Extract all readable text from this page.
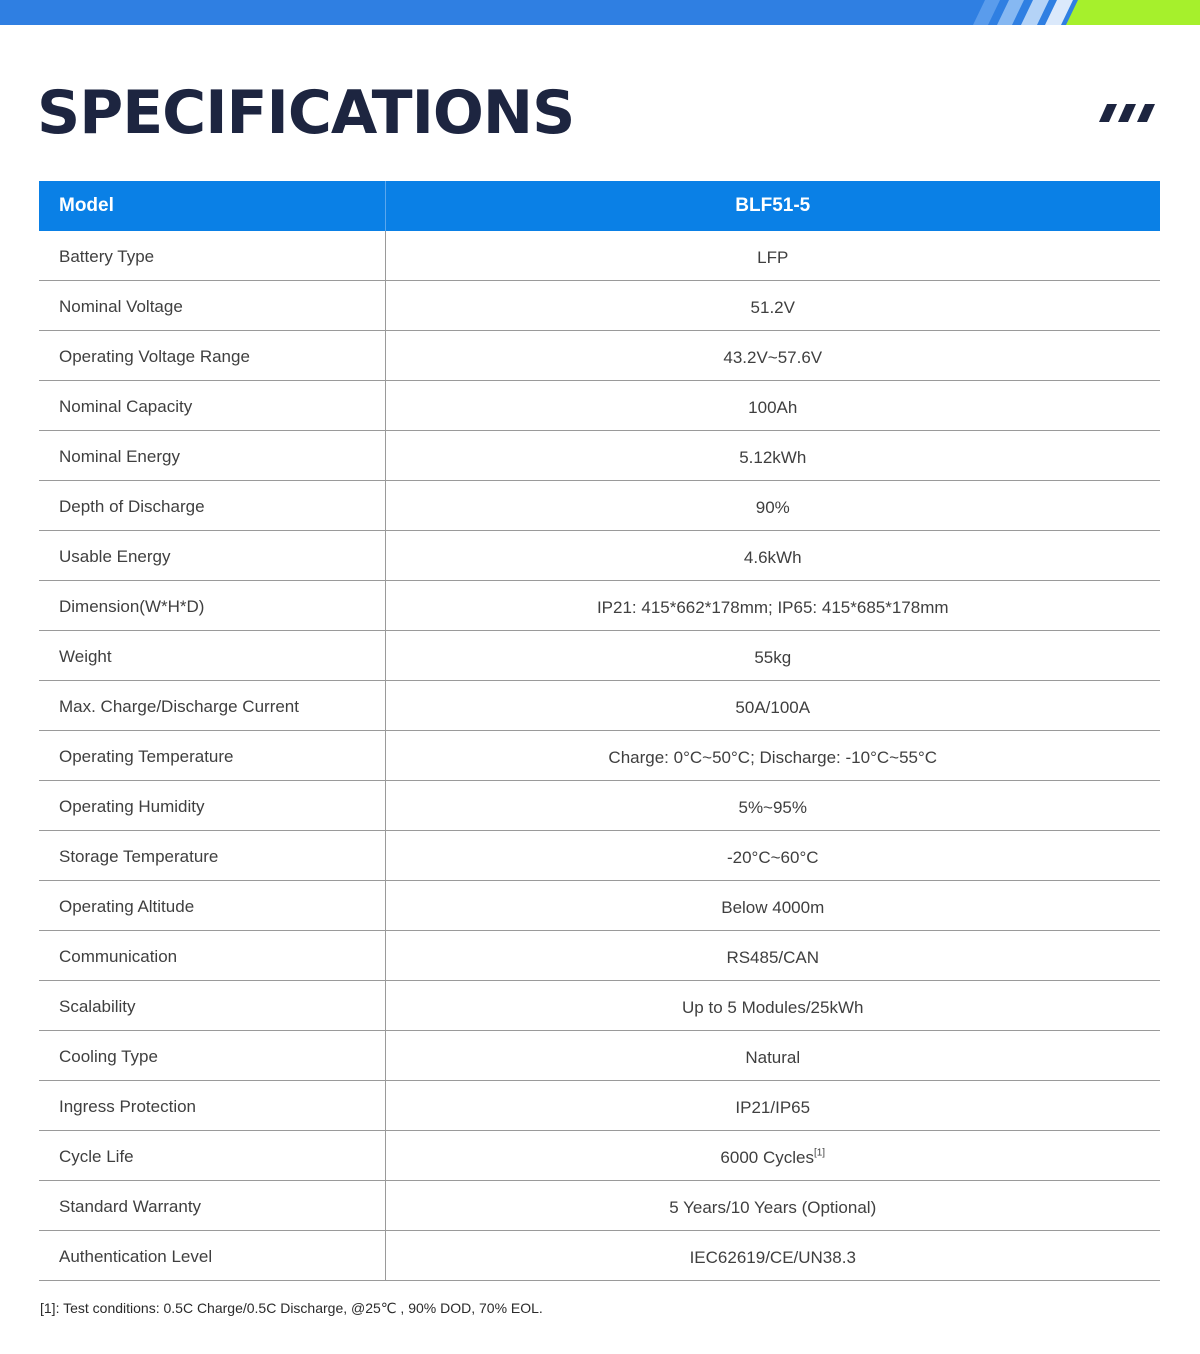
SPECIFICATIONS
Model	BLF51-5
Battery Type	LFP
Nominal Voltage	51.2V
Operating Voltage Range	43.2V~57.6V
Nominal Capacity	100Ah
Nominal Energy	5.12kWh
Depth of Discharge	90%
Usable Energy	4.6kWh
Dimension(W*H*D)	IP21: 415*662*178mm; IP65: 415*685*178mm
Weight	55kg
Max. Charge/Discharge Current	50A/100A
Operating Temperature	Charge: 0°C~50°C; Discharge: -10°C~55°C
Operating Humidity	5%~95%
Storage Temperature	-20°C~60°C
Operating Altitude	Below 4000m
Communication	RS485/CAN
Scalability	Up to 5 Modules/25kWh
Cooling Type	Natural
Ingress Protection	IP21/IP65
Cycle Life	6000 Cycles[1]
Standard Warranty	5 Years/10 Years (Optional)
Authentication Level	IEC62619/CE/UN38.3

[1]: Test conditions: 0.5C Charge/0.5C Discharge, @25℃ , 90% DOD, 70% EOL.
